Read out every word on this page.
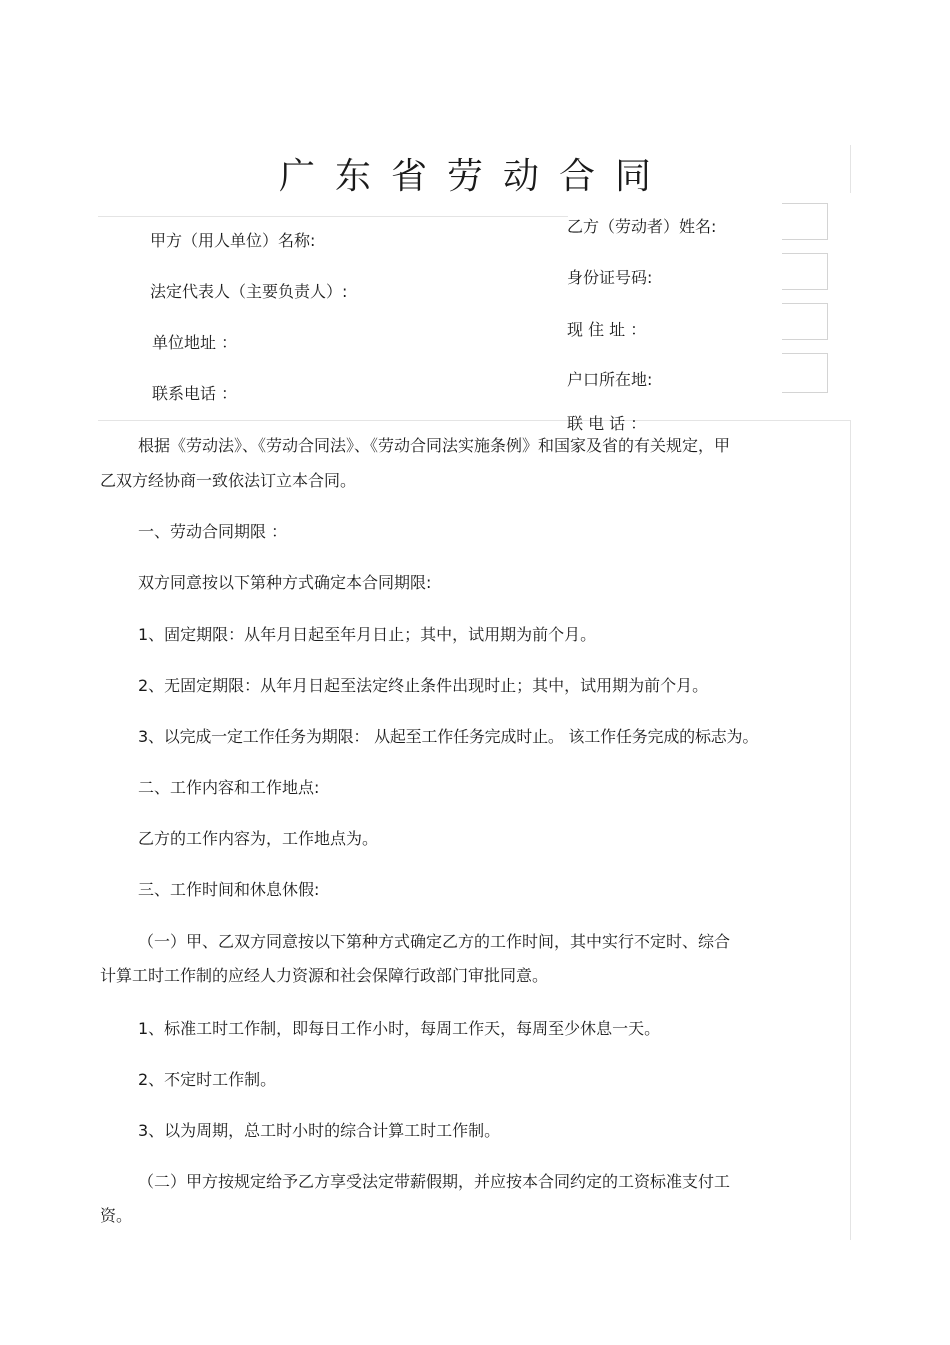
广东省劳动合同
甲方（用人单位）名称:
法定代表人（主要负责人）:
单位地址 ：
联系电话 ：
乙方（劳动者）姓名:
身份证号码:
现 住 址 ：
户口所在地:
联 电 话 ：
根据《劳动法》、《劳动合同法》、《劳动合同法实施条例》和国家及省的有关规定，甲
乙双方经协商一致依法订立本合同。
一、劳动合同期限 ：
双方同意按以下第种方式确定本合同期限:
1、固定期限：从年月日起至年月日止；其中，试用期为前个月。
2、无固定期限：从年月日起至法定终止条件出现时止；其中，试用期为前个月。
3、以完成一定工作任务为期限： 从起至工作任务完成时止。 该工作任务完成的标志为。
二、工作内容和工作地点:
乙方的工作内容为，工作地点为。
三、工作时间和休息休假:
（一）甲、乙双方同意按以下第种方式确定乙方的工作时间，其中实行不定时、综合
计算工时工作制的应经人力资源和社会保障行政部门审批同意。
1、标准工时工作制，即每日工作小时，每周工作天，每周至少休息一天。
2、不定时工作制。
3、以为周期，总工时小时的综合计算工时工作制。
（二）甲方按规定给予乙方享受法定带薪假期，并应按本合同约定的工资标准支付工
资。
